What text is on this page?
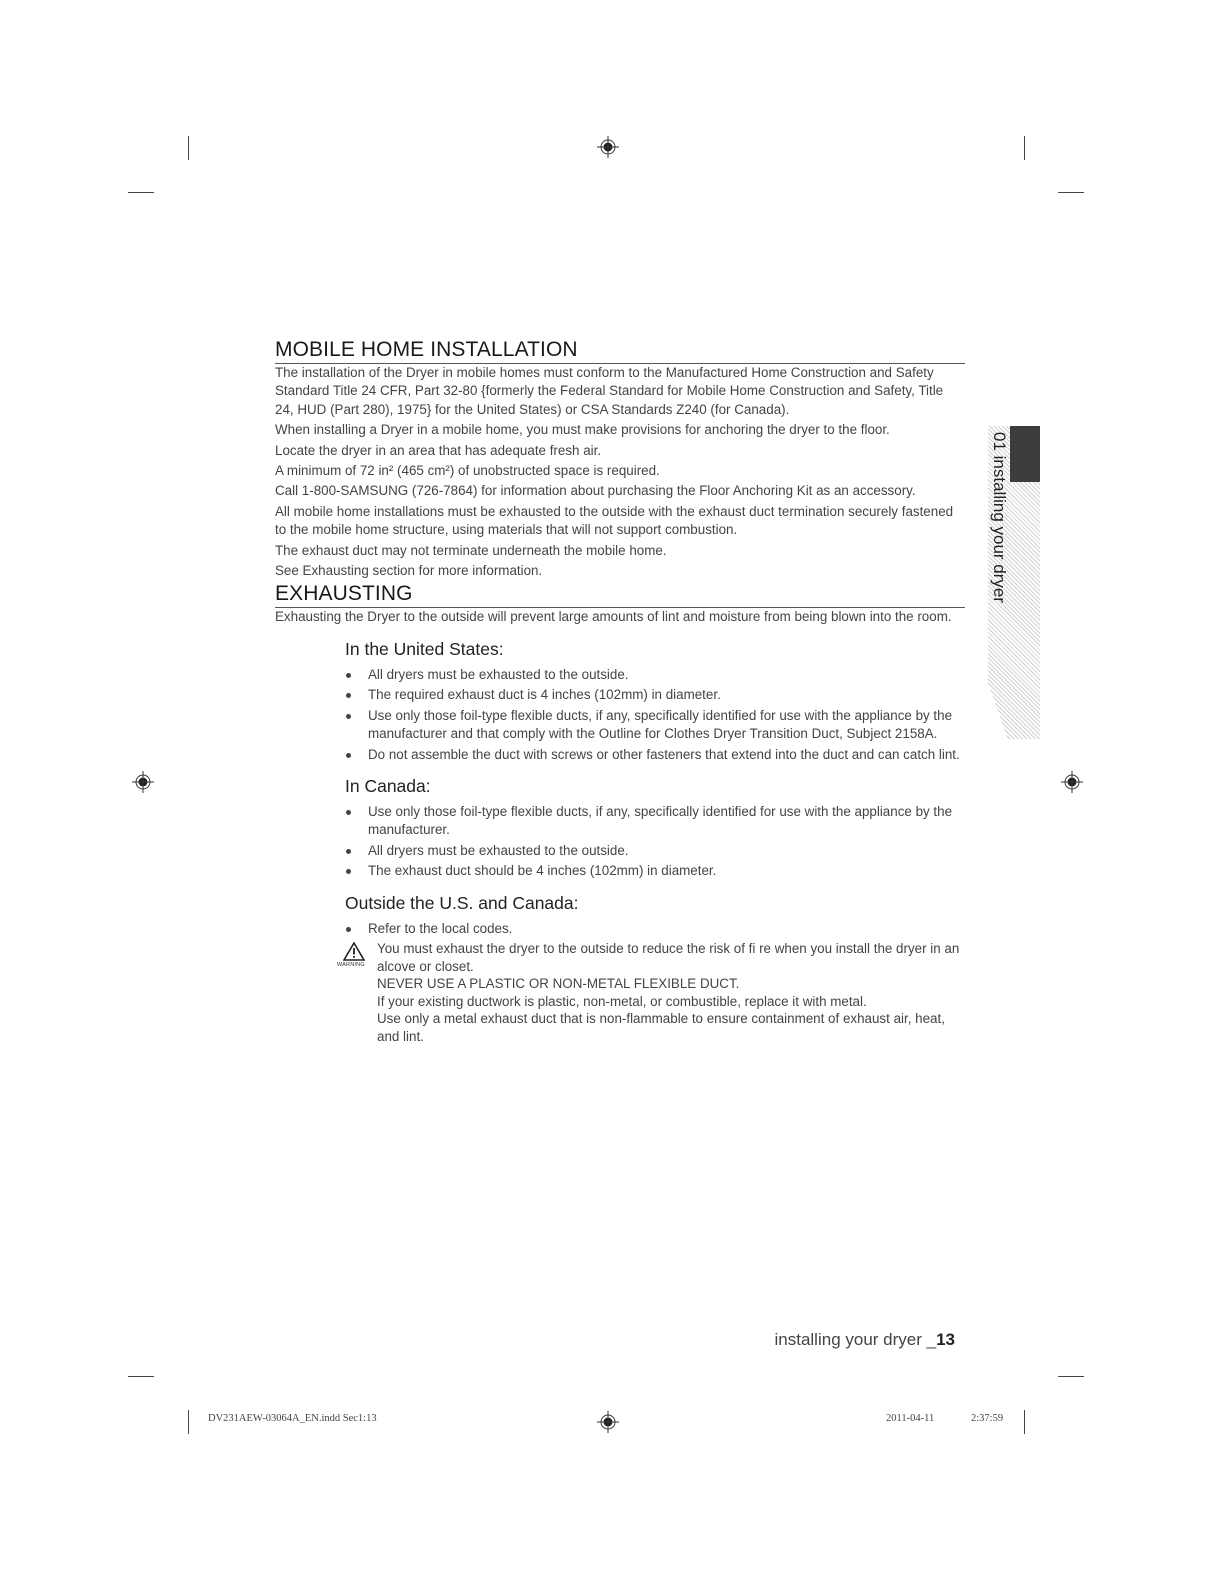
MOBILE HOME INSTALLATION

The installation of the Dryer in mobile homes must conform to the Manufactured Home Construction and Safety Standard Title 24 CFR, Part 32-80 {formerly the Federal Standard for Mobile Home Construction and Safety, Title 24, HUD (Part 280), 1975} for the United States) or CSA Standards Z240 (for Canada).

When installing a Dryer in a mobile home, you must make provisions for anchoring the dryer to the floor.

Locate the dryer in an area that has adequate fresh air.

A minimum of 72 in² (465 cm²) of unobstructed space is required.

Call 1-800-SAMSUNG (726-7864) for information about purchasing the Floor Anchoring Kit as an accessory.

All mobile home installations must be exhausted to the outside with the exhaust duct termination securely fastened to the mobile home structure, using materials that will not support combustion.

The exhaust duct may not terminate underneath the mobile home.

See Exhausting section for more information.

EXHAUSTING

Exhausting the Dryer to the outside will prevent large amounts of lint and moisture from being blown into the room.

In the United States:
All dryers must be exhausted to the outside.
The required exhaust duct is 4 inches (102mm) in diameter.
Use only those foil-type flexible ducts, if any, specifically identified for use with the appliance by the manufacturer and that comply with the Outline for Clothes Dryer Transition Duct, Subject 2158A.
Do not assemble the duct with screws or other fasteners that extend into the duct and can catch lint.
In Canada:
Use only those foil-type flexible ducts, if any, specifically identified for use with the appliance by the manufacturer.
All dryers must be exhausted to the outside.
The exhaust duct should be 4 inches (102mm) in diameter.
Outside the U.S. and Canada:
Refer to the local codes.
WARNING

You must exhaust the dryer to the outside to reduce the risk of fi re when you install the dryer in an alcove or closet.

NEVER USE A PLASTIC OR NON-METAL FLEXIBLE DUCT.

If your existing ductwork is plastic, non-metal, or combustible, replace it with metal.

Use only a metal exhaust duct that is non-flammable to ensure containment of exhaust air, heat, and lint.

01 installing your dryer
installing your dryer _13
DV231AEW-03064A_EN.indd Sec1:13	2011-04-11	2:37:59
